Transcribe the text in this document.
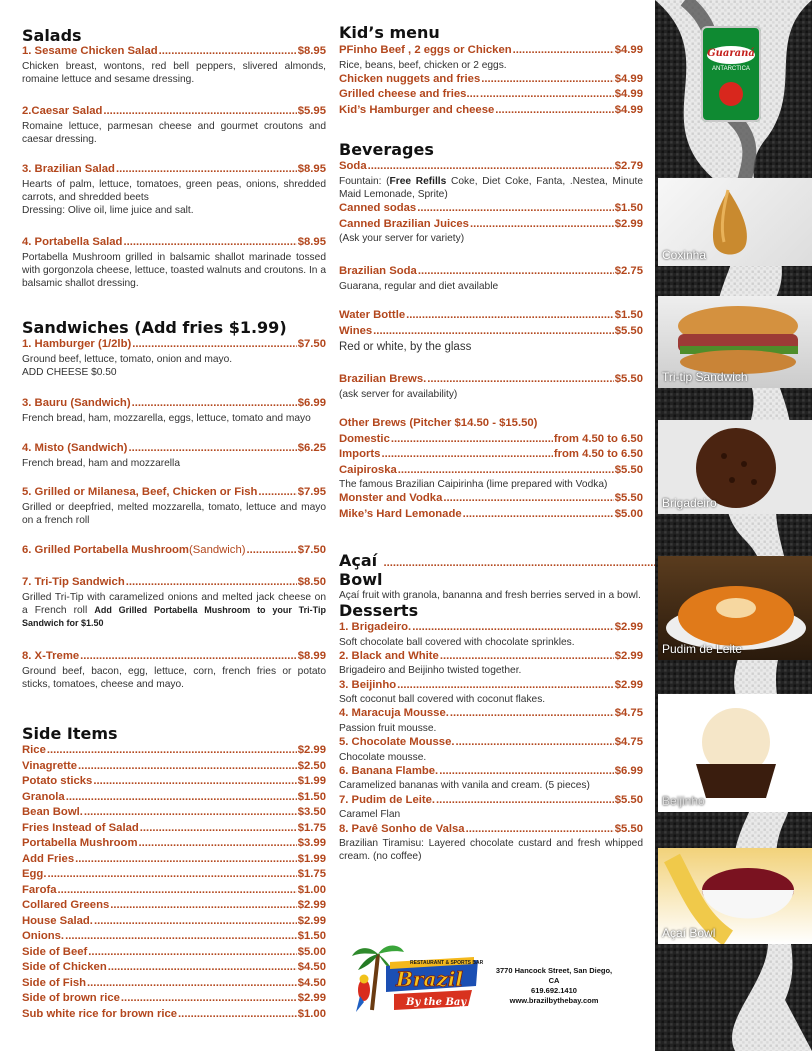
Salads
1. Sesame Chicken Salad .....	$8.95
Chicken breast, wontons, red bell peppers, slivered almonds, romaine lettuce and sesame dressing.
2.Caesar Salad .....	$5.95
Romaine lettuce, parmesan cheese and gourmet croutons and caesar dressing.
3. Brazilian Salad .....	$8.95
Hearts of palm, lettuce, tomatoes, green peas, onions, shredded carrots, and shredded beets
Dressing: Olive oil, lime juice and salt.
4. Portabella Salad .....	$8.95
Portabella Mushroom grilled in balsamic shallot marinade tossed with gorgonzola cheese, lettuce, toasted walnuts and croutons. In a balsamic shallot dressing.
Sandwiches (Add fries $1.99)
1. Hamburger (1/2lb) .....	$7.50
Ground beef, lettuce, tomato, onion and mayo.
ADD CHEESE $0.50
3. Bauru (Sandwich) .....	$6.99
French bread, ham, mozzarella, eggs, lettuce, tomato and mayo
4. Misto (Sandwich) .....	$6.25
French bread, ham and mozzarella
5. Grilled or Milanesa, Beef, Chicken or Fish .....	$7.95
Grilled or deepfried, melted mozzarella, tomato, lettuce and mayo on a french roll
6. Grilled Portabella Mushroom (Sandwich) .....	$7.50
7. Tri-Tip Sandwich .....	$8.50
Grilled Tri-Tip with caramelized onions and melted jack cheese on a French roll Add Grilled Portabella Mushroom to your Tri-Tip Sandwich for $1.50
8. X-Treme .....	$8.99
Ground beef, bacon, egg, lettuce, corn, french fries or potato sticks, tomatoes, cheese and mayo.
Side Items
Rice .....	$2.99
Vinagrette .....	$2.50
Potato sticks .....	$1.99
Granola .....	$1.50
Bean Bowl. .....	$3.50
Fries Instead of Salad .....	$1.75
Portabella Mushroom .....	$3.99
Add Fries .....	$1.99
Egg. .....	$1.75
Farofa .....	$1.00
Collared Greens .....	$2.99
House Salad. .....	$2.99
Onions. .....	$1.50
Side of Beef .....	$5.00
Side of Chicken .....	$4.50
Side of Fish .....	$4.50
Side of brown rice .....	$2.99
Sub white rice for brown rice .....	$1.00
Kid’s menu
PFinho Beef , 2 eggs or Chicken .....	$4.99
Rice, beans, beef, chicken or 2 eggs.
Chicken nuggets and fries .....	$4.99
Grilled cheese and fries.... .....	$4.99
Kid’s Hamburger and cheese .....	$4.99
Beverages
Soda .....	$2.79
Fountain: (Free Refills Coke, Diet Coke, Fanta, .Nestea, Minute Maid Lemonade, Sprite)
Canned sodas .....	$1.50
Canned Brazilian Juices .....	$2.99
(Ask your server for variety)
Brazilian Soda .....	$2.75
Guarana, regular and diet available
Water Bottle .....	$1.50
Wines .....	$5.50
Red or white, by the glass
Brazilian Brews. .....	$5.50
(ask server for availability)
Other Brews (Pitcher $14.50 - $15.50)
Domestic .....	from 4.50 to 6.50
Imports .....	from 4.50 to 6.50
Caipiroska .....	$5.50
The famous Brazilian Caipirinha (lime prepared with Vodka)
Monster and Vodka .....	$5.50
Mike’s Hard Lemonade .....	$5.00
Açaí Bowl
.....
Açaí fruit with granola, bananna and fresh berries served in a bowl.
Desserts
1. Brigadeiro. .....	$2.99
Soft chocolate ball covered with chocolate sprinkles.
2. Black and White .....	$2.99
Brigadeiro and Beijinho twisted together.
3. Beijinho .....	$2.99
Soft coconut ball covered with coconut flakes.
4. Maracuja Mousse. .....	$4.75
Passion fruit mousse.
5. Chocolate Mousse. .....	$4.75
Chocolate mousse.
6. Banana Flambe. .....	$6.99
Caramelized bananas with vanila and cream. (5 pieces)
7. Pudim de Leite. .....	$5.50
Caramel Flan
8. Pavê Sonho de Valsa .....	$5.50
Brazilian Tiramisu: Layered chocolate custard and fresh whipped cream. (no coffee)
RESTAURANT & SPORTS BAR
Brazil
By the Bay
3770 Hancock Street, San Diego, CA
619.692.1410
www.brazilbythebay.com
Guaraná
ANTARCTICA
Coxinha
Tri-tip Sandwich
Brigadeiro
Pudim de Leite
Beijinho
Açaí Bowl
